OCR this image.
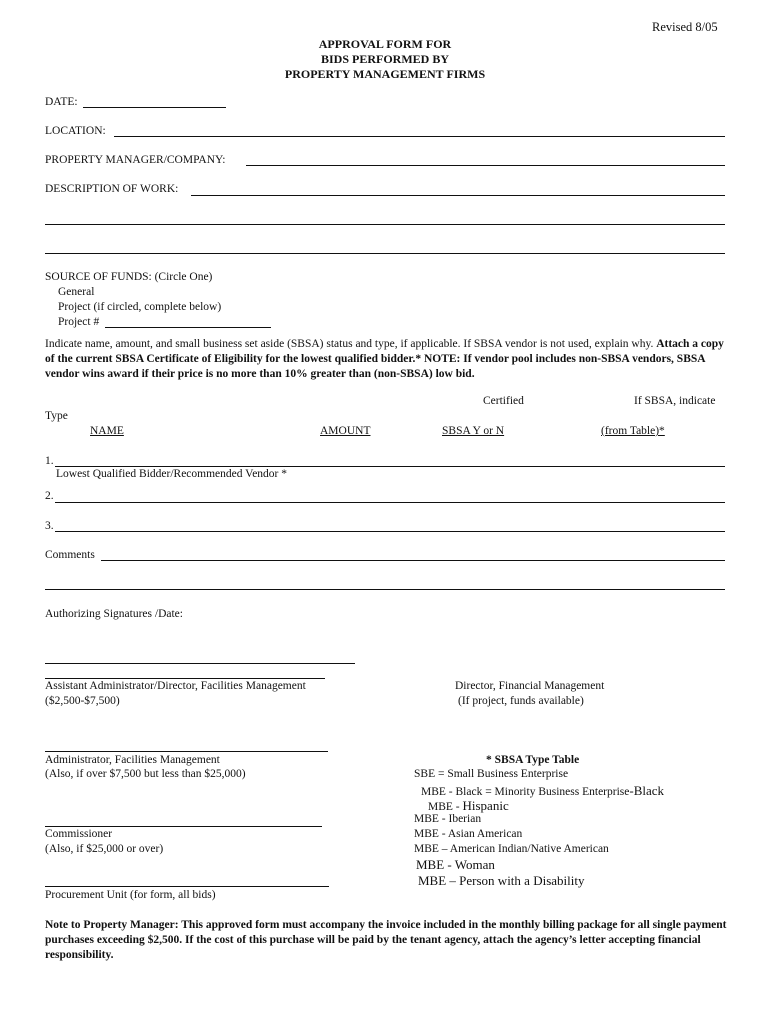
Revised 8/05
APPROVAL FORM FOR
BIDS PERFORMED BY
PROPERTY MANAGEMENT FIRMS
DATE:
LOCATION:
PROPERTY MANAGER/COMPANY:
DESCRIPTION OF WORK:
SOURCE OF FUNDS: (Circle One)
General
Project (if circled, complete below)
Project #
Indicate name, amount, and small business set aside (SBSA) status and type, if applicable. If SBSA vendor is not used, explain why. Attach a copy of the current SBSA Certificate of Eligibility for the lowest qualified bidder.* NOTE: If vendor pool includes non-SBSA vendors, SBSA vendor wins award if their price is no more than 10% greater than (non-SBSA) low bid.
Certified	If SBSA, indicate
Type
NAME	AMOUNT	SBSA Y or N	(from Table)*
1.
Lowest Qualified Bidder/Recommended Vendor *
2.
3.
Comments
Authorizing Signatures /Date:
Assistant Administrator/Director, Facilities Management
($2,500-$7,500)
Director, Financial Management
(If project, funds available)
Administrator, Facilities Management
(Also, if over $7,500 but less than $25,000)
Commissioner
(Also, if $25,000 or over)
Procurement Unit (for form, all bids)
* SBSA Type Table
SBE = Small Business Enterprise
MBE - Black = Minority Business Enterprise-Black
MBE - Hispanic
MBE - Iberian
MBE - Asian American
MBE – American Indian/Native American
MBE - Woman
MBE – Person with a Disability
Note to Property Manager: This approved form must accompany the invoice included in the monthly billing package for all single payment purchases exceeding $2,500. If the cost of this purchase will be paid by the tenant agency, attach the agency’s letter accepting financial responsibility.
